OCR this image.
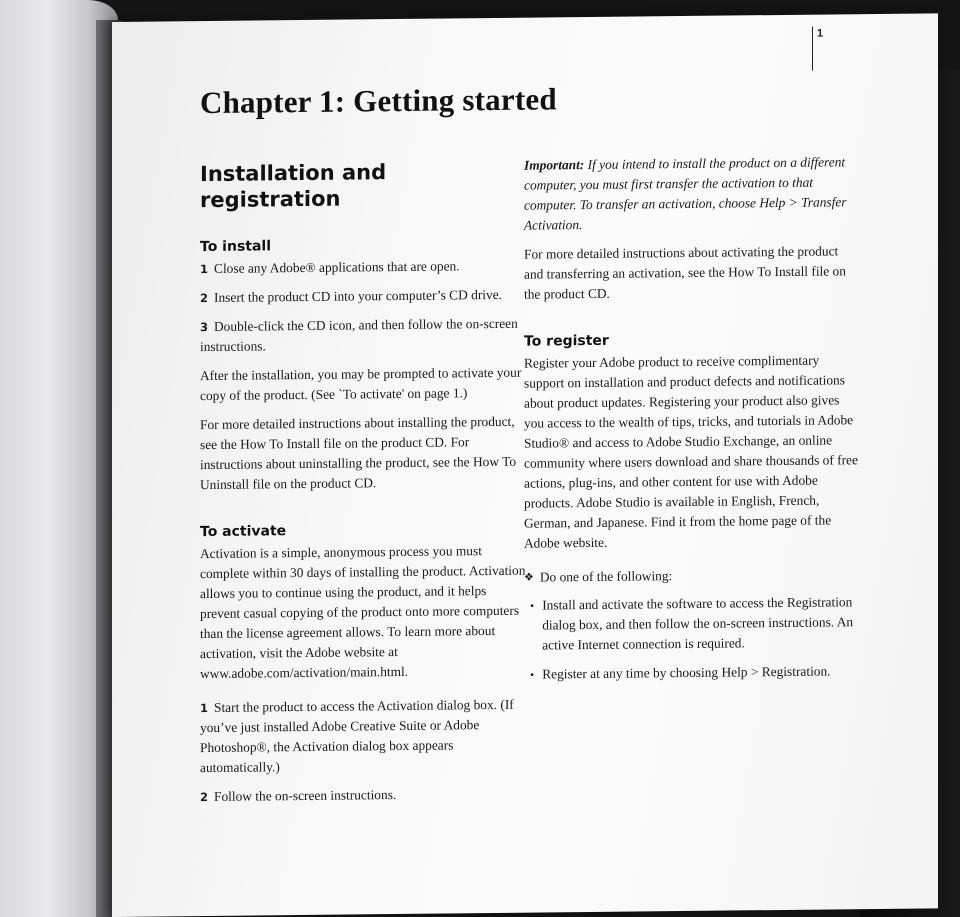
1
Chapter 1: Getting started
Installation and registration
To install

1 Close any Adobe® applications that are open.

2 Insert the product CD into your computer’s CD drive.

3 Double-click the CD icon, and then follow the on-screen instructions.

After the installation, you may be prompted to activate your copy of the product. (See `To activate' on page 1.)

For more detailed instructions about installing the product, see the How To Install file on the product CD. For instructions about uninstalling the product, see the How To Uninstall file on the product CD.

To activate

Activation is a simple, anonymous process you must complete within 30 days of installing the product. Activation allows you to continue using the product, and it helps prevent casual copying of the product onto more computers than the license agreement allows. To learn more about activation, visit the Adobe website at www.adobe.com/activation/main.html.

1 Start the product to access the Activation dialog box. (If you’ve just installed Adobe Creative Suite or Adobe Photoshop®, the Activation dialog box appears automatically.)

2 Follow the on-screen instructions.

Important: If you intend to install the product on a different computer, you must first transfer the activation to that computer. To transfer an activation, choose Help > Transfer Activation.

For more detailed instructions about activating the product and transferring an activation, see the How To Install file on the product CD.

To register

Register your Adobe product to receive complimentary support on installation and product defects and notifications about product updates. Registering your product also gives you access to the wealth of tips, tricks, and tutorials in Adobe Studio® and access to Adobe Studio Exchange, an online community where users download and share thousands of free actions, plug-ins, and other content for use with Adobe products. Adobe Studio is available in English, French, German, and Japanese. Find it from the home page of the Adobe website.

❖ Do one of the following:
• Install and activate the software to access the Registration dialog box, and then follow the on-screen instructions. An active Internet connection is required.
• Register at any time by choosing Help > Registration.
